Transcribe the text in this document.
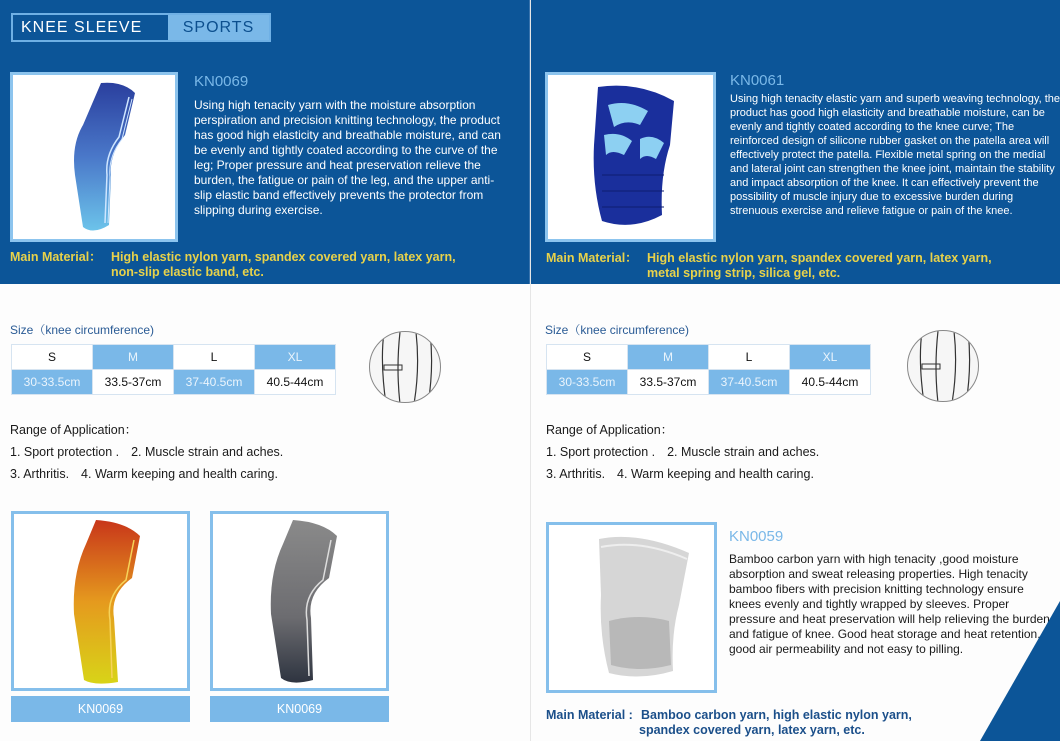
KNEE SLEEVE	SPORTS
KN0069
Using high tenacity yarn with the moisture absorption perspiration and precision knitting technology, the product has good high elasticity and breathable moisture, and can be evenly and tightly coated according to the curve of the leg; Proper pressure and heat preservation relieve the burden, the fatigue or pain of the leg, and the upper anti-slip elastic band effectively prevents the protector from slipping during exercise.
Main Material： High elastic nylon yarn, spandex covered yarn, latex yarn,
non-slip elastic band, etc.
Size（knee circumference)
S	M	L	XL
30-33.5cm	33.5-37cm	37-40.5cm	40.5-44cm
Range of Application：
1. Sport protection . 2. Muscle strain and aches.
3. Arthritis. 4. Warm keeping and health caring.
KN0069	KN0069
KN0061
Using high tenacity elastic yarn and superb weaving technology, the product has good high elasticity and breathable moisture, can be evenly and tightly coated according to the knee curve; The reinforced design of silicone rubber gasket on the patella area will effectively protect the patella. Flexible metal spring on the medial and lateral joint can strengthen the knee joint, maintain the stability and impact absorption of the knee. It can effectively prevent the possibility of muscle injury due to excessive burden during strenuous exercise and relieve fatigue or pain of the knee.
Main Material： High elastic nylon yarn, spandex covered yarn, latex yarn,
metal spring strip, silica gel, etc.
Size（knee circumference)
S	M	L	XL
30-33.5cm	33.5-37cm	37-40.5cm	40.5-44cm
Range of Application：
1. Sport protection . 2. Muscle strain and aches.
3. Arthritis. 4. Warm keeping and health caring.
KN0059
Bamboo carbon yarn with high tenacity ,good moisture absorption and sweat releasing properties. High tenacity bamboo fibers with precision knitting technology ensure knees evenly and tightly wrapped by sleeves. Proper pressure and heat preservation will help relieving the burden and fatigue of knee. Good heat storage and heat retention, good air permeability and not easy to pilling.
Main Material : Bamboo carbon yarn, high elastic nylon yarn,
spandex covered yarn, latex yarn, etc.
